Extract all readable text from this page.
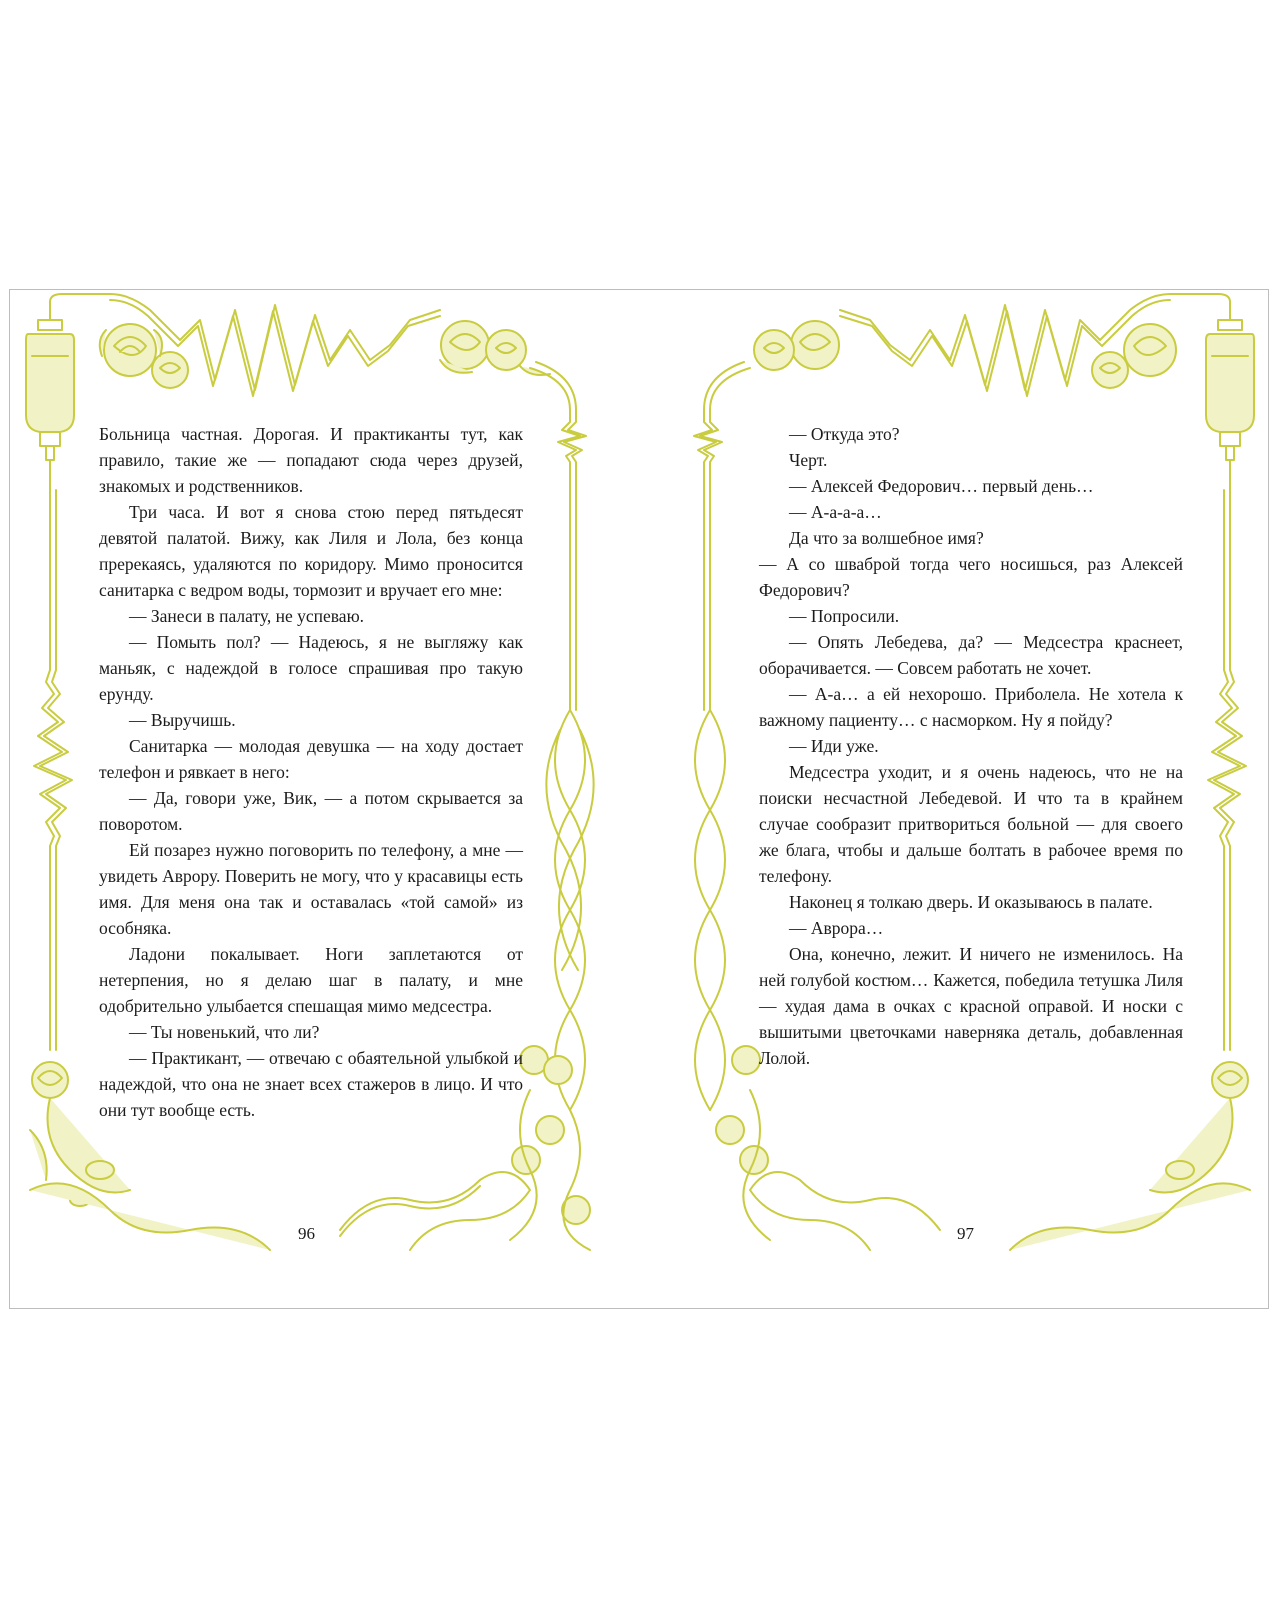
Больница частная. Дорогая. И практиканты тут, как правило, такие же — попадают сюда через друзей, знакомых и родственников.

Три часа. И вот я снова стою перед пятьдесят девятой палатой. Вижу, как Лиля и Лола, без конца пререкаясь, удаляются по коридору. Мимо проносится санитарка с ведром воды, тормозит и вручает его мне:

— Занеси в палату, не успеваю.

— Помыть пол? — Надеюсь, я не выгляжу как маньяк, с надеждой в голосе спрашивая про такую ерунду.

— Выручишь.

Санитарка — молодая девушка — на ходу достает телефон и рявкает в него:

— Да, говори уже, Вик, — а потом скрывается за поворотом.

Ей позарез нужно поговорить по телефону, а мне — увидеть Аврору. Поверить не могу, что у красавицы есть имя. Для меня она так и оставалась «той самой» из особняка.

Ладони покалывает. Ноги заплетаются от нетерпения, но я делаю шаг в палату, и мне одобрительно улыбается спешащая мимо медсестра.

— Ты новенький, что ли?

— Практикант, — отвечаю с обаятельной улыбкой и надеждой, что она не знает всех стажеров в лицо. И что они тут вообще есть.

— Откуда это?

Черт.

— Алексей Федорович… первый день…

— А-а-а-а…

Да что за волшебное имя?

— А со шваброй тогда чего носишься, раз Алексей Федорович?

— Попросили.

— Опять Лебедева, да? — Медсестра краснеет, оборачивается. — Совсем работать не хочет.

— А-а… а ей нехорошо. Приболела. Не хотела к важному пациенту… с насморком. Ну я пойду?

— Иди уже.

Медсестра уходит, и я очень надеюсь, что не на поиски несчастной Лебедевой. И что та в крайнем случае сообразит притвориться больной — для своего же блага, чтобы и дальше болтать в рабочее время по телефону.

Наконец я толкаю дверь. И оказываюсь в палате.

— Аврора…

Она, конечно, лежит. И ничего не изменилось. На ней голубой костюм… Кажется, победила тетушка Лиля — худая дама в очках с красной оправой. И носки с вышитыми цветочками наверняка деталь, добавленная Лолой.

96	97
